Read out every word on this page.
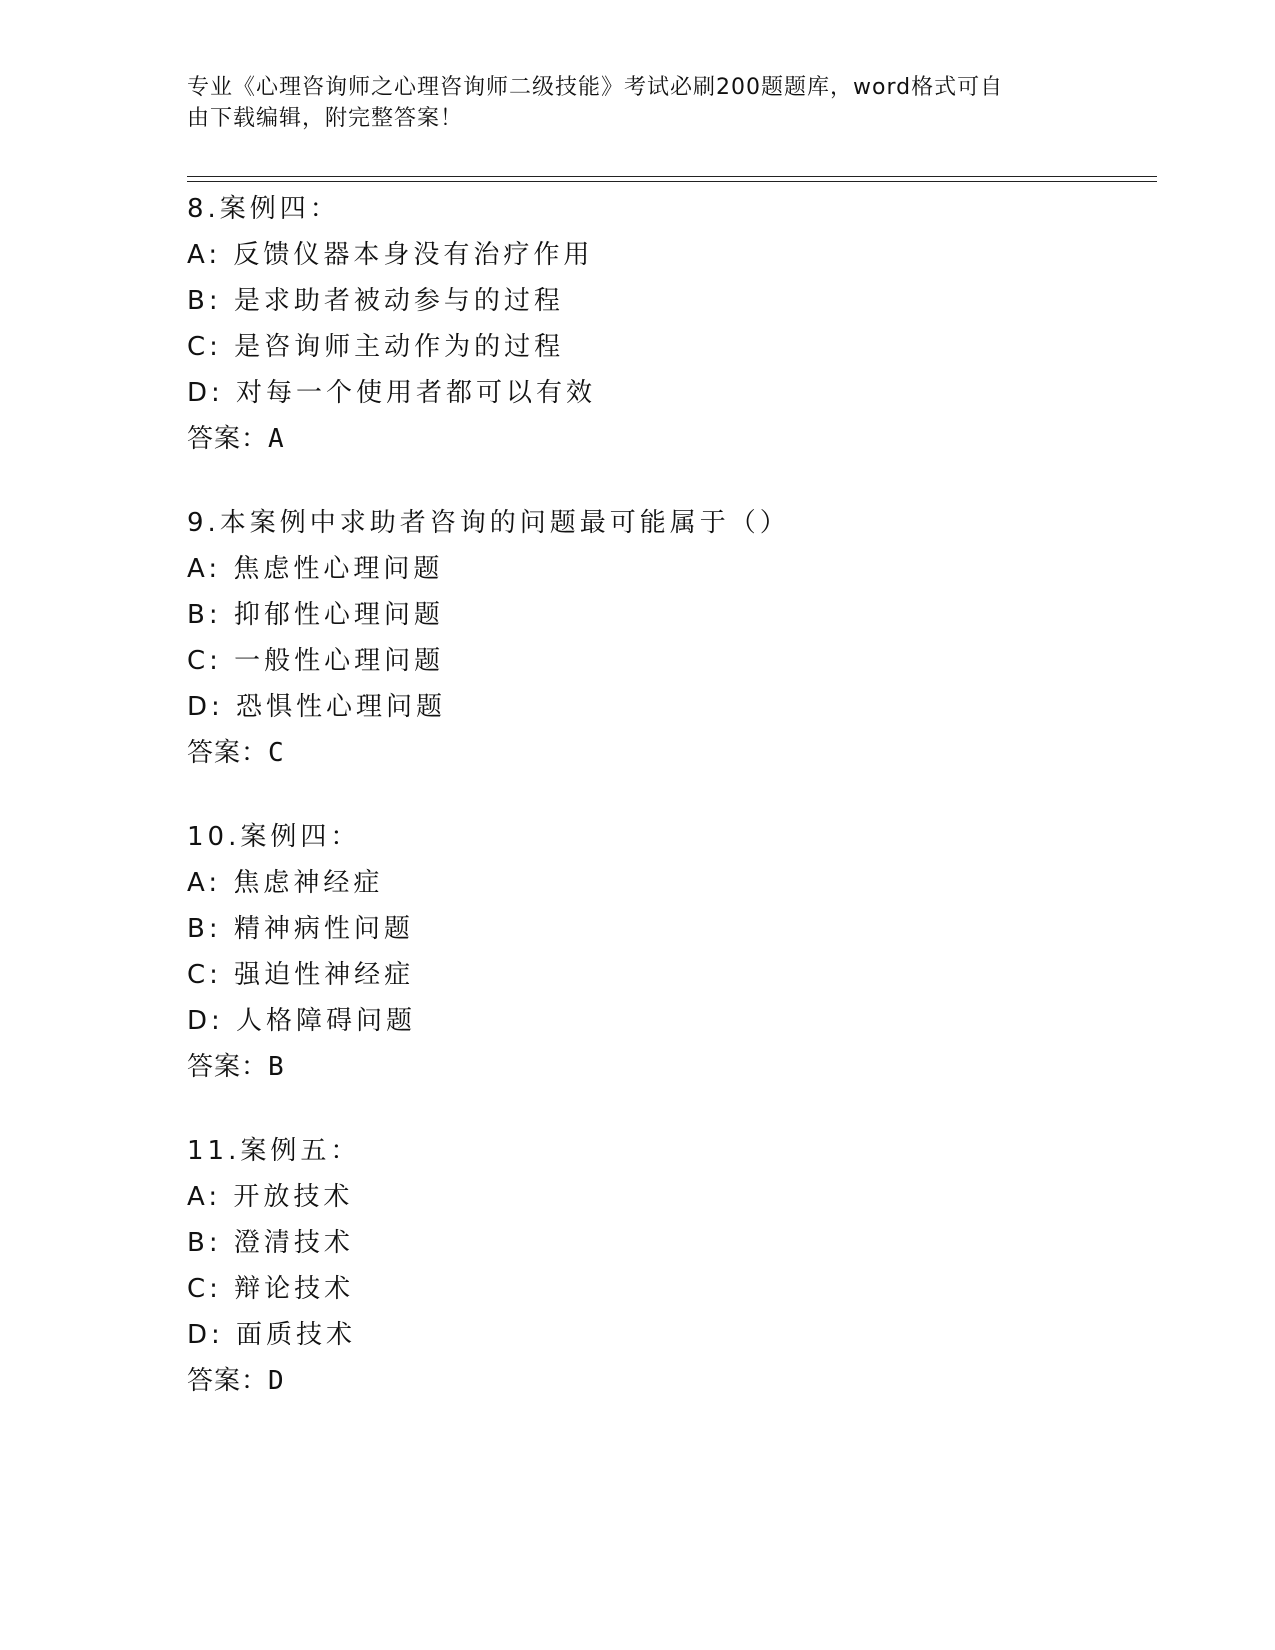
专业《心理咨询师之心理咨询师二级技能》考试必刷200题题库，word格式可自
由下载编辑，附完整答案！
8.案例四：
A: 反馈仪器本身没有治疗作用
B: 是求助者被动参与的过程
C: 是咨询师主动作为的过程
D: 对每一个使用者都可以有效
答案：A
9.本案例中求助者咨询的问题最可能属于（）
A: 焦虑性心理问题
B: 抑郁性心理问题
C: 一般性心理问题
D: 恐惧性心理问题
答案：C
10.案例四：
A: 焦虑神经症
B: 精神病性问题
C: 强迫性神经症
D: 人格障碍问题
答案：B
11.案例五：
A: 开放技术
B: 澄清技术
C: 辩论技术
D: 面质技术
答案：D
